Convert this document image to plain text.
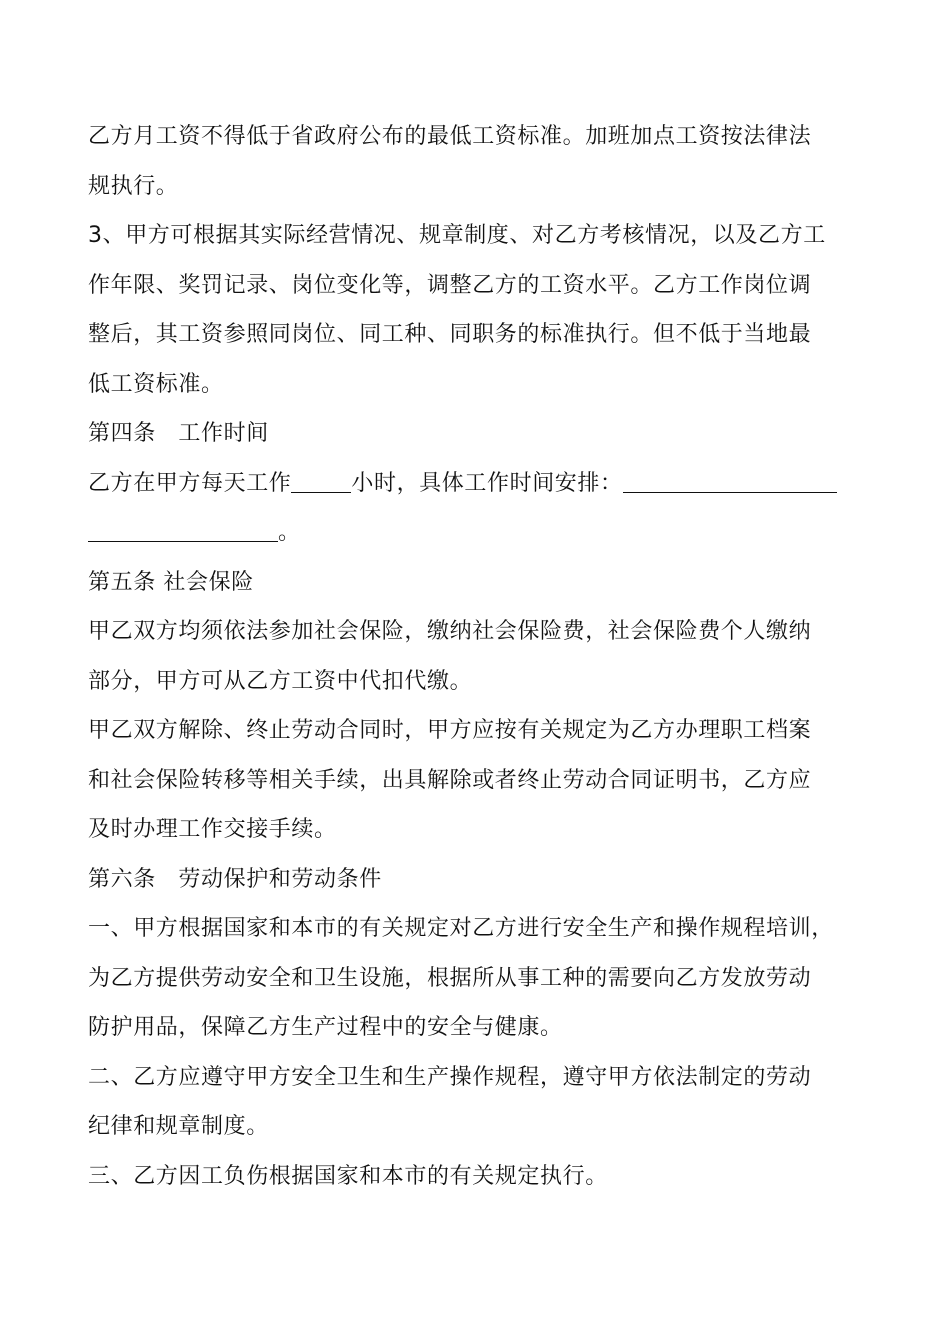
乙方月工资不得低于省政府公布的最低工资标准。加班加点工资按法律法
规执行。
3、甲方可根据其实际经营情况、规章制度、对乙方考核情况，以及乙方工
作年限、奖罚记录、岗位变化等，调整乙方的工资水平。乙方工作岗位调
整后，其工资参照同岗位、同工种、同职务的标准执行。但不低于当地最
低工资标准。
第四条　工作时间
乙方在甲方每天工作	小时，具体工作时间安排：
。
第五条 社会保险
甲乙双方均须依法参加社会保险，缴纳社会保险费，社会保险费个人缴纳
部分，甲方可从乙方工资中代扣代缴。
甲乙双方解除、终止劳动合同时，甲方应按有关规定为乙方办理职工档案
和社会保险转移等相关手续，出具解除或者终止劳动合同证明书，乙方应
及时办理工作交接手续。
第六条　劳动保护和劳动条件
一、甲方根据国家和本市的有关规定对乙方进行安全生产和操作规程培训，
为乙方提供劳动安全和卫生设施，根据所从事工种的需要向乙方发放劳动
防护用品，保障乙方生产过程中的安全与健康。
二、乙方应遵守甲方安全卫生和生产操作规程，遵守甲方依法制定的劳动
纪律和规章制度。
三、乙方因工负伤根据国家和本市的有关规定执行。
